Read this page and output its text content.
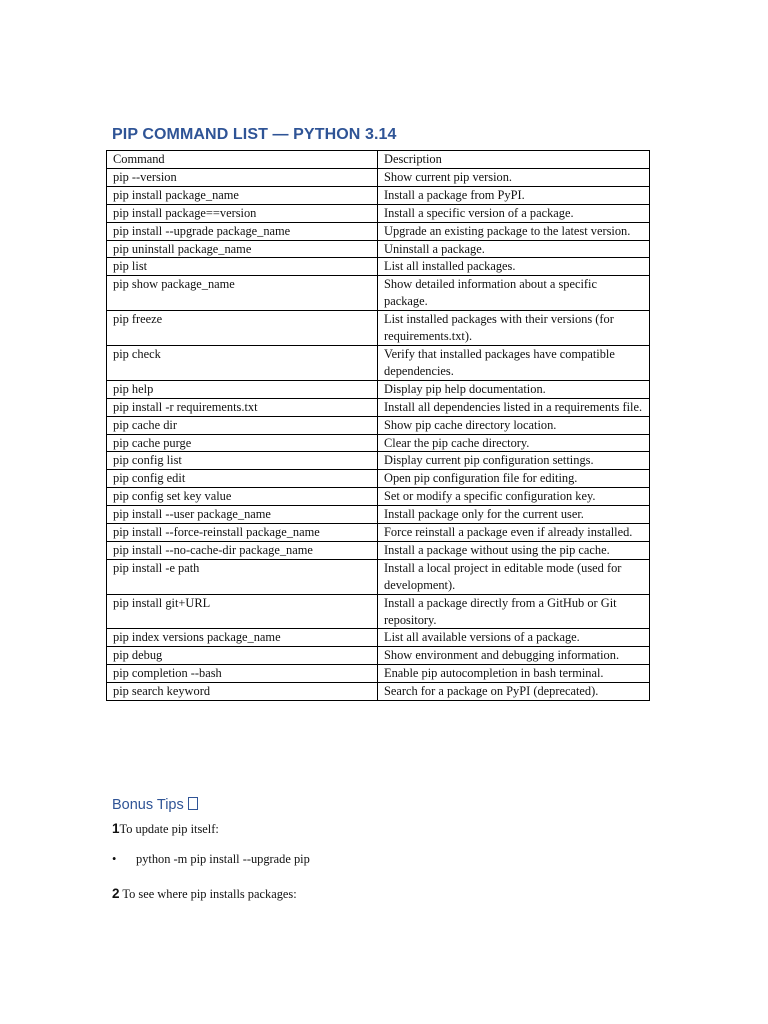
PIP COMMAND LIST — PYTHON 3.14
Command	Description
pip --version	Show current pip version.
pip install package_name	Install a package from PyPI.
pip install package==version	Install a specific version of a package.
pip install --upgrade package_name	Upgrade an existing package to the latest version.
pip uninstall package_name	Uninstall a package.
pip list	List all installed packages.
pip show package_name	Show detailed information about a specific package.
pip freeze	List installed packages with their versions (for requirements.txt).
pip check	Verify that installed packages have compatible dependencies.
pip help	Display pip help documentation.
pip install -r requirements.txt	Install all dependencies listed in a requirements file.
pip cache dir	Show pip cache directory location.
pip cache purge	Clear the pip cache directory.
pip config list	Display current pip configuration settings.
pip config edit	Open pip configuration file for editing.
pip config set key value	Set or modify a specific configuration key.
pip install --user package_name	Install package only for the current user.
pip install --force-reinstall package_name	Force reinstall a package even if already installed.
pip install --no-cache-dir package_name	Install a package without using the pip cache.
pip install -e path	Install a local project in editable mode (used for development).
pip install git+URL	Install a package directly from a GitHub or Git repository.
pip index versions package_name	List all available versions of a package.
pip debug	Show environment and debugging information.
pip completion --bash	Enable pip autocompletion in bash terminal.
pip search keyword	Search for a package on PyPI (deprecated).
Bonus Tips

1To update pip itself:

• python -m pip install --upgrade pip

2 To see where pip installs packages:
